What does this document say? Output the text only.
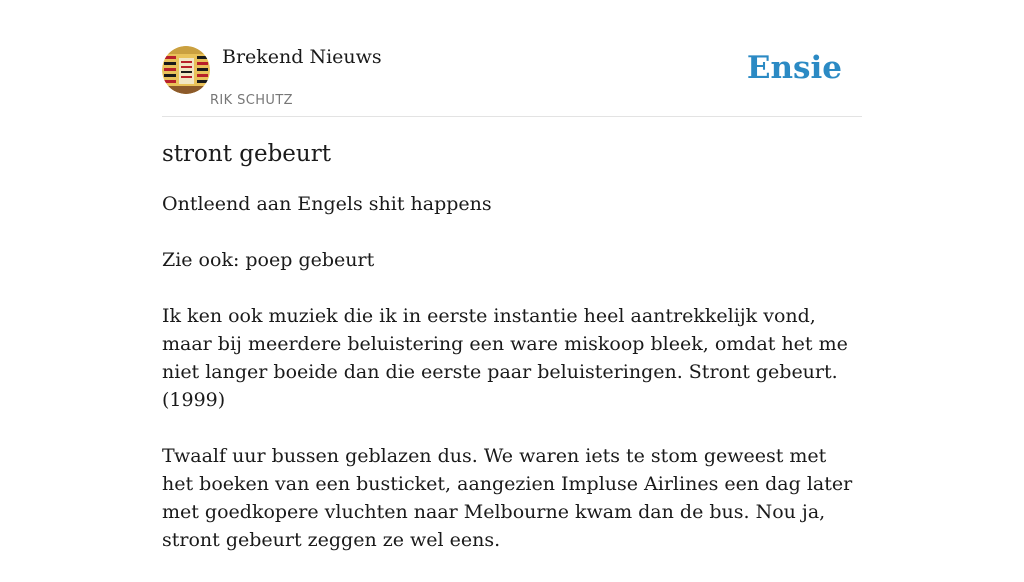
Brekend Nieuws
RIK SCHUTZ
Ensie
stront gebeurt

Ontleend aan Engels shit happens

Zie ook: poep gebeurt

Ik ken ook muziek die ik in eerste instantie heel aantrekkelijk vond, maar bij meerdere beluistering een ware miskoop bleek, omdat het me niet langer boeide dan die eerste paar beluisteringen. Stront gebeurt. (1999)

Twaalf uur bussen geblazen dus. We waren iets te stom geweest met het boeken van een busticket, aangezien Impluse Airlines een dag later met goedkopere vluchten naar Melbourne kwam dan de bus. Nou ja, stront gebeurt zeggen ze wel eens.
